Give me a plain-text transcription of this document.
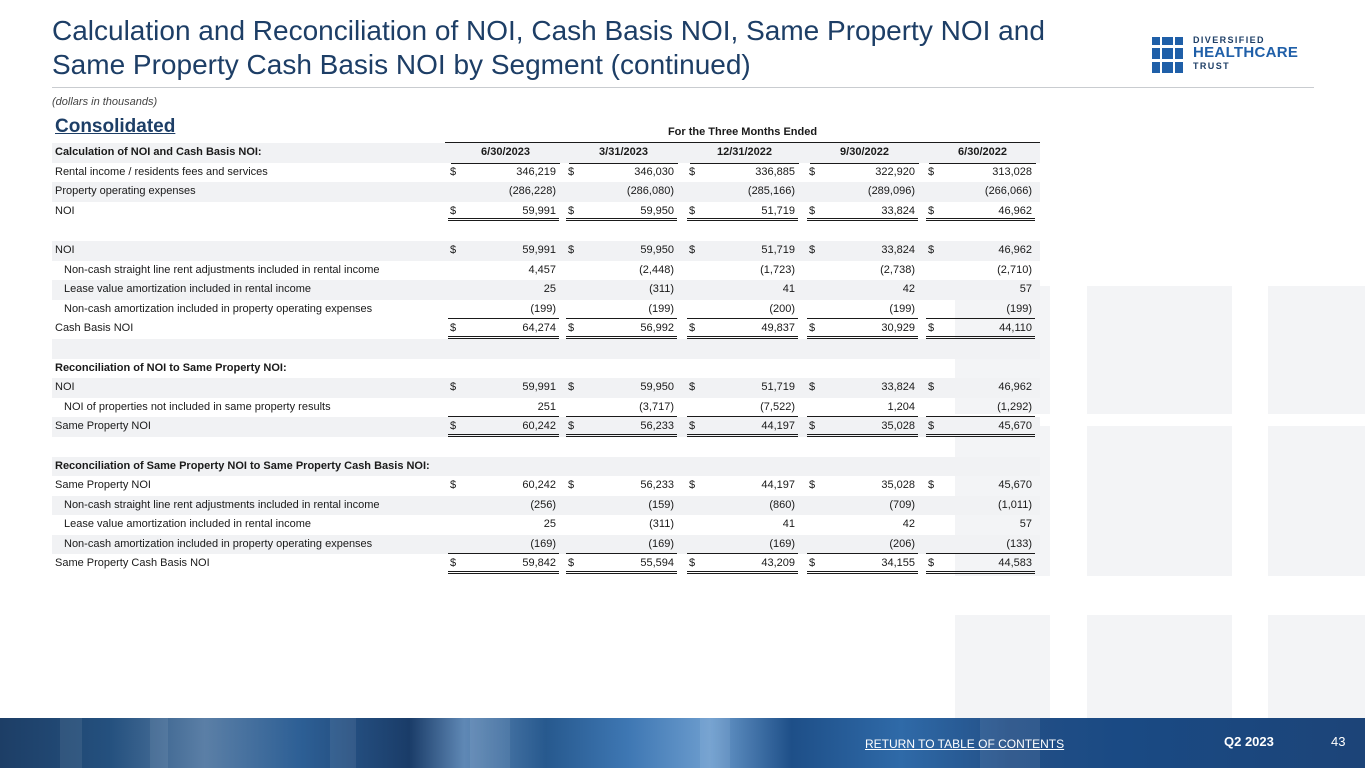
Calculation and Reconciliation of NOI, Cash Basis NOI, Same Property NOI and Same Property Cash Basis NOI by Segment (continued)
DIVERSIFIED
HEALTHCARE
TRUST
(dollars in thousands)
Consolidated	For the Three Months Ended
Calculation of NOI and Cash Basis NOI:	6/30/2023	3/31/2023	12/31/2022	9/30/2022	6/30/2022
Rental income / residents fees and services	$	346,219 $	346,030 $	336,885 $	322,920 $	313,028
Property operating expenses	(286,228)	(286,080)	(285,166)	(289,096)	(266,066)
NOI	$	59,991 $	59,950 $	51,719 $	33,824 $	46,962
NOI	$	59,991 $	59,950 $	51,719 $	33,824 $	46,962
Non-cash straight line rent adjustments included in rental income	4,457	(2,448)	(1,723)	(2,738)	(2,710)
Lease value amortization included in rental income	25	(311)	41	42	57
Non-cash amortization included in property operating expenses	(199)	(199)	(200)	(199)	(199)
Cash Basis NOI	$	64,274 $	56,992 $	49,837 $	30,929 $	44,110
Reconciliation of NOI to Same Property NOI:
NOI	$	59,991 $	59,950 $	51,719 $	33,824 $	46,962
NOI of properties not included in same property results	251	(3,717)	(7,522)	1,204	(1,292)
Same Property NOI	$	60,242 $	56,233 $	44,197 $	35,028 $	45,670
Reconciliation of Same Property NOI to Same Property Cash Basis NOI:
Same Property NOI	$	60,242 $	56,233 $	44,197 $	35,028 $	45,670
Non-cash straight line rent adjustments included in rental income	(256)	(159)	(860)	(709)	(1,011)
Lease value amortization included in rental income	25	(311)	41	42	57
Non-cash amortization included in property operating expenses	(169)	(169)	(169)	(206)	(133)
Same Property Cash Basis NOI	$	59,842 $	55,594 $	43,209 $	34,155 $	44,583
RETURN TO TABLE OF CONTENTS	Q2 2023	43
